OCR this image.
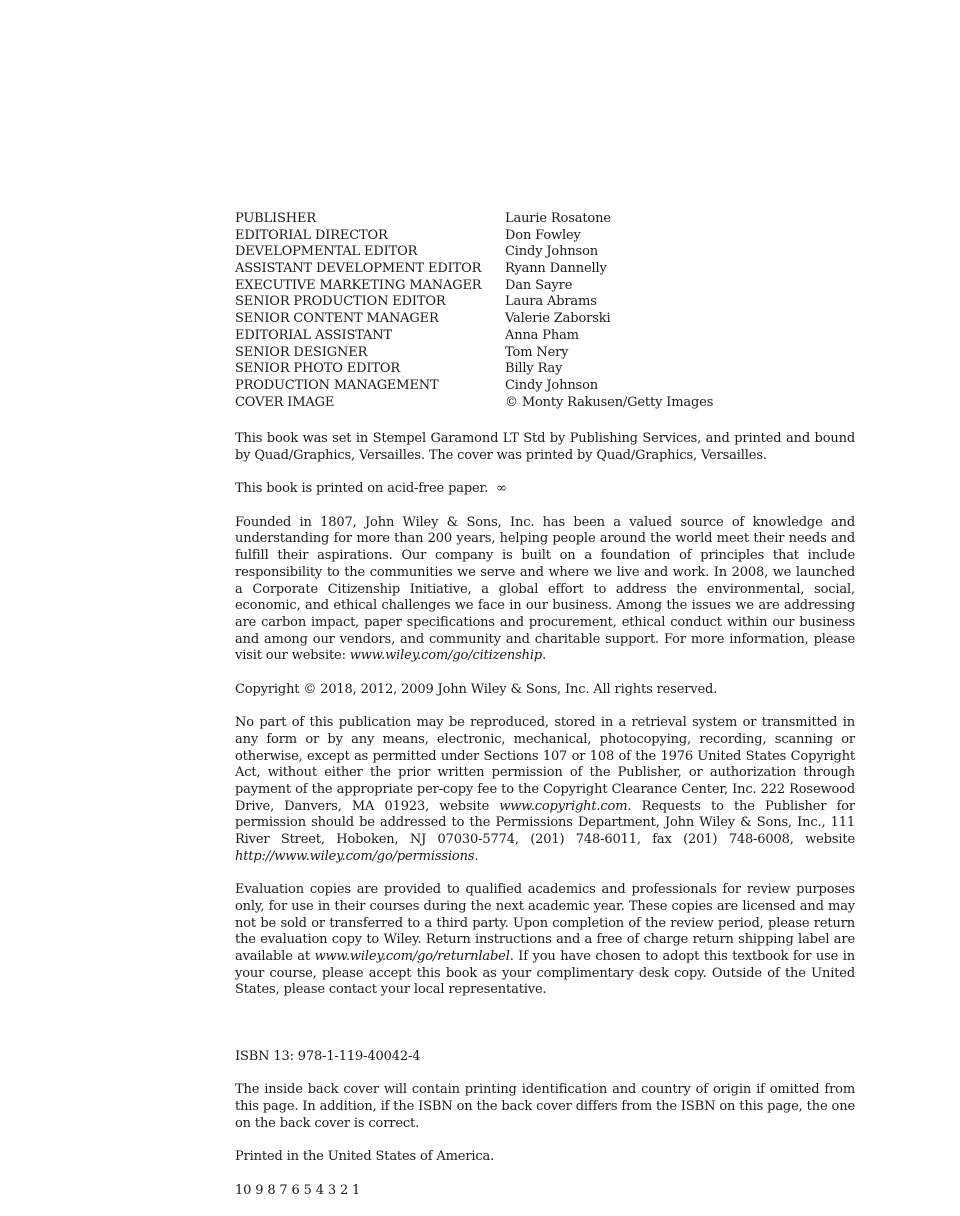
PUBLISHER	Laurie Rosatone
EDITORIAL DIRECTOR	Don Fowley
DEVELOPMENTAL EDITOR	Cindy Johnson
ASSISTANT DEVELOPMENT EDITOR	Ryann Dannelly
EXECUTIVE MARKETING MANAGER	Dan Sayre
SENIOR PRODUCTION EDITOR	Laura Abrams
SENIOR CONTENT MANAGER	Valerie Zaborski
EDITORIAL ASSISTANT	Anna Pham
SENIOR DESIGNER	Tom Nery
SENIOR PHOTO EDITOR	Billy Ray
PRODUCTION MANAGEMENT	Cindy Johnson
COVER IMAGE	© Monty Rakusen/Getty Images

This book was set in Stempel Garamond LT Std by Publishing Services, and printed and bound by Quad/Graphics, Versailles. The cover was printed by Quad/Graphics, Versailles.

This book is printed on acid-free paper. ∞

Founded in 1807, John Wiley & Sons, Inc. has been a valued source of knowledge and understanding for more than 200 years, helping people around the world meet their needs and fulfill their aspirations. Our company is built on a foundation of principles that include responsibility to the communities we serve and where we live and work. In 2008, we launched a Corporate Citizenship Initiative, a global effort to address the environmental, social, economic, and ethical challenges we face in our business. Among the issues we are addressing are carbon impact, paper specifications and procurement, ethical conduct within our business and among our vendors, and community and charitable support. For more information, please visit our website: www.wiley.com/go/citizenship.

Copyright © 2018, 2012, 2009 John Wiley & Sons, Inc. All rights reserved.

No part of this publication may be reproduced, stored in a retrieval system or transmitted in any form or by any means, electronic, mechanical, photocopying, recording, scanning or otherwise, except as permitted under Sections 107 or 108 of the 1976 United States Copyright Act, without either the prior written permission of the Publisher, or authorization through payment of the appropriate per-copy fee to the Copyright Clearance Center, Inc. 222 Rosewood Drive, Danvers, MA 01923, website www.copyright.com. Requests to the Publisher for permission should be addressed to the Permissions Department, John Wiley & Sons, Inc., 111 River Street, Hoboken, NJ 07030-5774, (201) 748-6011, fax (201) 748-6008, website http://www.wiley.com/go/permissions.

Evaluation copies are provided to qualified academics and professionals for review purposes only, for use in their courses during the next academic year. These copies are licensed and may not be sold or transferred to a third party. Upon completion of the review period, please return the evaluation copy to Wiley. Return instructions and a free of charge return shipping label are available at www.wiley.com/go/returnlabel. If you have chosen to adopt this textbook for use in your course, please accept this book as your complimentary desk copy. Outside of the United States, please contact your local representative.

ISBN 13: 978-1-119-40042-4

The inside back cover will contain printing identification and country of origin if omitted from this page. In addition, if the ISBN on the back cover differs from the ISBN on this page, the one on the back cover is correct.

Printed in the United States of America.

10 9 8 7 6 5 4 3 2 1
